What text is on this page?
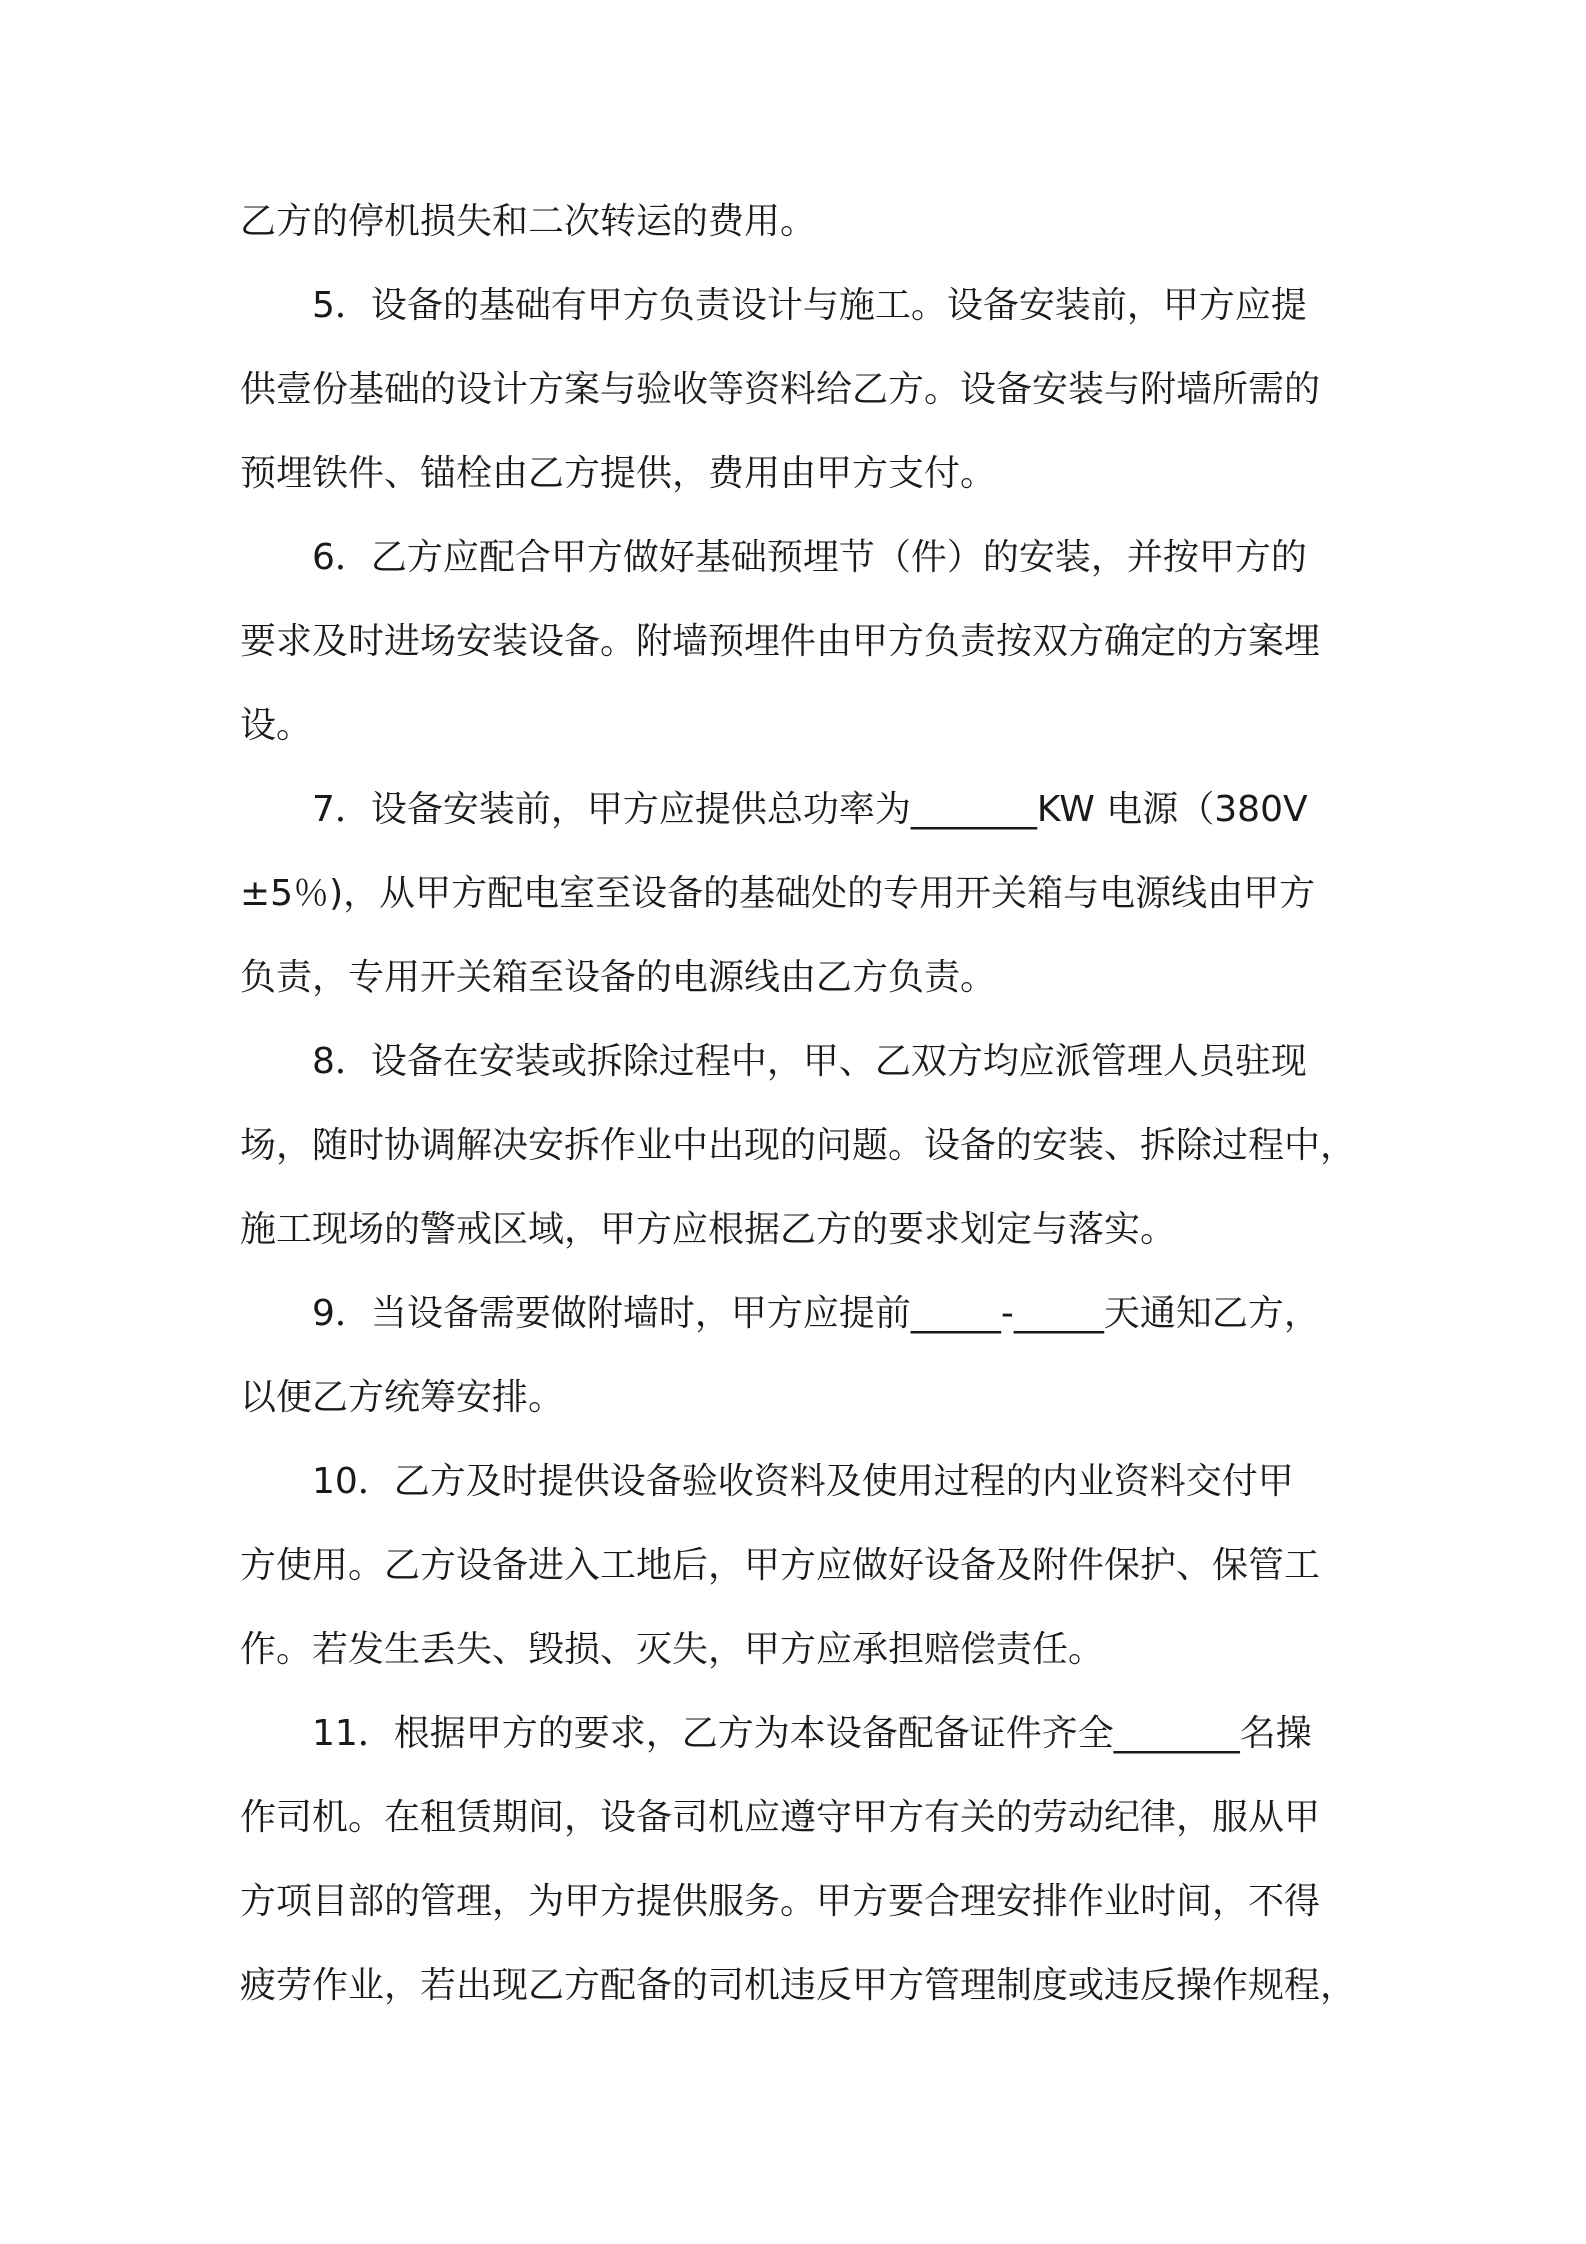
乙方的停机损失和二次转运的费用。
5．设备的基础有甲方负责设计与施工。设备安装前，甲方应提
供壹份基础的设计方案与验收等资料给乙方。设备安装与附墙所需的
预埋铁件、锚栓由乙方提供，费用由甲方支付。
6．乙方应配合甲方做好基础预埋节（件）的安装，并按甲方的
要求及时进场安装设备。附墙预埋件由甲方负责按双方确定的方案埋
设。
7．设备安装前，甲方应提供总功率为_______KW 电源（380V
±5％)，从甲方配电室至设备的基础处的专用开关箱与电源线由甲方
负责，专用开关箱至设备的电源线由乙方负责。
8．设备在安装或拆除过程中，甲、乙双方均应派管理人员驻现
场，随时协调解决安拆作业中出现的问题。设备的安装、拆除过程中，
施工现场的警戒区域，甲方应根据乙方的要求划定与落实。
9．当设备需要做附墙时，甲方应提前_____-_____天通知乙方，
以便乙方统筹安排。
10．乙方及时提供设备验收资料及使用过程的内业资料交付甲
方使用。乙方设备进入工地后，甲方应做好设备及附件保护、保管工
作。若发生丢失、毁损、灭失，甲方应承担赔偿责任。
11．根据甲方的要求，乙方为本设备配备证件齐全_______名操
作司机。在租赁期间，设备司机应遵守甲方有关的劳动纪律，服从甲
方项目部的管理，为甲方提供服务。甲方要合理安排作业时间，不得
疲劳作业，若出现乙方配备的司机违反甲方管理制度或违反操作规程，
